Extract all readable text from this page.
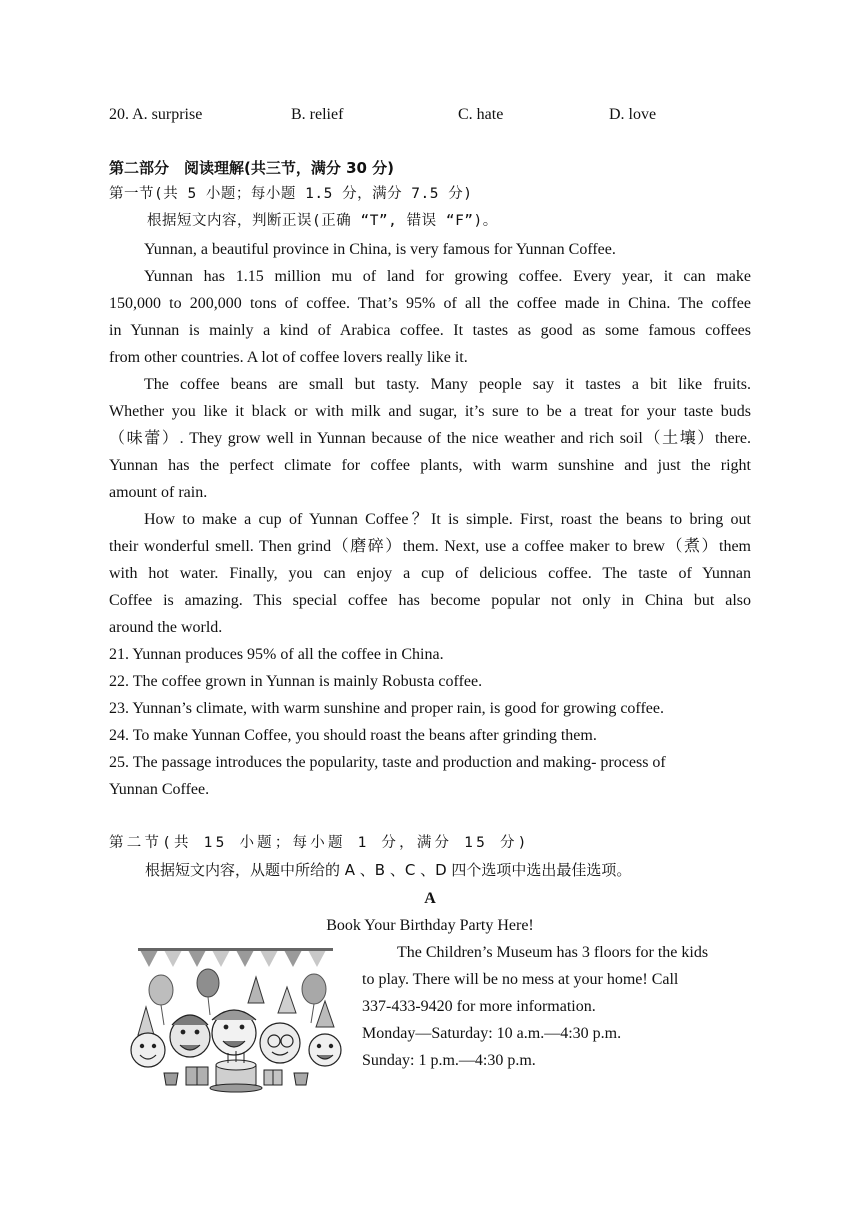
20. A. surprise	B. relief	C. hate	D. love
第二部分　阅读理解(共三节，满分 30 分)
第一节(共 5 小题；每小题 1.5 分，满分 7.5 分)
根据短文内容，判断正误(正确 “T”, 错误 “F”)。
Yunnan, a beautiful province in China, is very famous for Yunnan Coffee.
Yunnan has 1.15 million mu of land for growing coffee. Every year, it can make
150,000 to 200,000 tons of coffee. That’s 95% of all the coffee made in China. The coffee
in Yunnan is mainly a kind of Arabica coffee. It tastes as good as some famous coffees
from other countries. A lot of coffee lovers really like it.
The coffee beans are small but tasty. Many people say it tastes a bit like fruits.
Whether you like it black or with milk and sugar, it’s sure to be a treat for your taste buds
（味蕾）. They grow well in Yunnan because of the nice weather and rich soil（土壤）there.
Yunnan has the perfect climate for coffee plants, with warm sunshine and just the right
amount of rain.
How to make a cup of Yunnan Coffee？It is simple. First, roast the beans to bring out
their wonderful smell. Then grind（磨碎）them. Next, use a coffee maker to brew（煮）them
with hot water. Finally, you can enjoy a cup of delicious coffee. The taste of Yunnan
Coffee is amazing. This special coffee has become popular not only in China but also
around the world.
21. Yunnan produces 95% of all the coffee in China.
22. The coffee grown in Yunnan is mainly Robusta coffee.
23. Yunnan’s climate, with warm sunshine and proper rain, is good for growing coffee.
24. To make Yunnan Coffee, you should roast the beans after grinding them.
25. The passage introduces the popularity, taste and production and making- process of
Yunnan Coffee.
第二节(共 15 小题；每小题 1 分，满分 15 分)
根据短文内容，从题中所给的 A 、B 、C 、D 四个选项中选出最佳选项。
A
Book Your Birthday Party Here!
The Children’s Museum has 3 floors for the kids
to play. There will be no mess at your home! Call
337-433-9420 for more information.
Monday—Saturday: 10 a.m.—4:30 p.m.
Sunday: 1 p.m.—4:30 p.m.
